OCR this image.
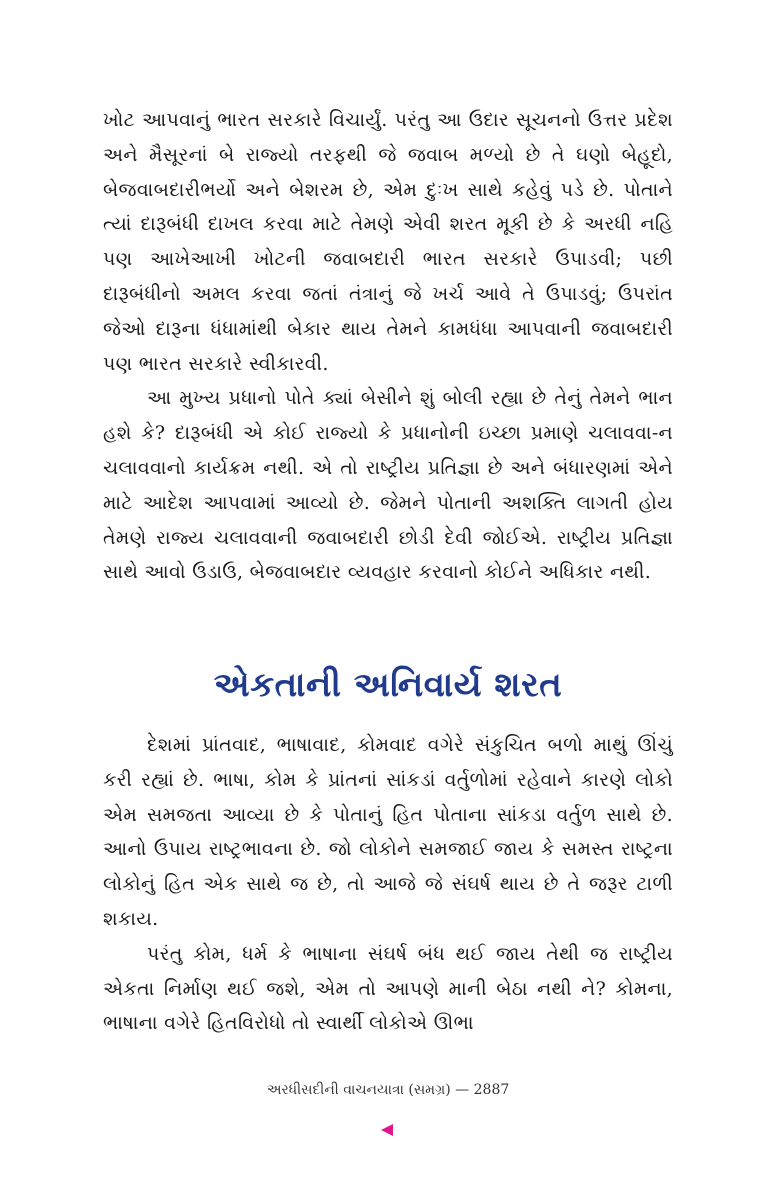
ખોટ આપવાનું ભારત સરકારે વિચાર્યું. પરંતુ આ ઉદાર સૂચનનો ઉત્તર પ્રદેશ અને મૈસૂરનાં બે રાજ્યો તરફથી જે જવાબ મળ્યો છે તે ઘણો બેહૂદો, બેજવાબદારીભર્યો અને બેશરમ છે, એમ દુઃખ સાથે કહેવું પડે છે. પોતાને ત્યાં દારૂબંધી દાખલ કરવા માટે તેમણે એવી શરત મૂકી છે કે અરધી નહિ પણ આખેઆખી ખોટની જવાબદારી ભારત સરકારે ઉપાડવી; પછી દારૂબંધીનો અમલ કરવા જતાં તંત્રાનું જે ખર્ચ આવે તે ઉપાડવું; ઉપરાંત જેઓ દારૂના ધંધામાંથી બેકાર થાય તેમને કામધંધા આપવાની જવાબદારી પણ ભારત સરકારે સ્વીકારવી.

આ મુખ્ય પ્રધાનો પોતે ક્યાં બેસીને શું બોલી રહ્યા છે તેનું તેમને ભાન હશે કે? દારૂબંધી એ કોઈ રાજ્યો કે પ્રધાનોની ઇચ્છા પ્રમાણે ચલાવવા-ન ચલાવવાનો કાર્યક્રમ નથી. એ તો રાષ્ટ્રીય પ્રતિજ્ઞા છે અને બંધારણમાં એને માટે આદેશ આપવામાં આવ્યો છે. જેમને પોતાની અશક્તિ લાગતી હોય તેમણે રાજ્ય ચલાવવાની જવાબદારી છોડી દેવી જોઈએ. રાષ્ટ્રીય પ્રતિજ્ઞા સાથે આવો ઉડાઉ, બેજવાબદાર વ્યવહાર કરવાનો કોઈને અધિકાર નથી.

એકતાની અનિવાર્ય શરત

દેશમાં પ્રાંતવાદ, ભાષાવાદ, કોમવાદ વગેરે સંકુચિત બળો માથું ઊંચું કરી રહ્યાં છે. ભાષા, કોમ કે પ્રાંતનાં સાંકડાં વર્તુળોમાં રહેવાને કારણે લોકો એમ સમજતા આવ્યા છે કે પોતાનું હિત પોતાના સાંકડા વર્તુળ સાથે છે. આનો ઉપાય રાષ્ટ્રભાવના છે. જો લોકોને સમજાઈ જાય કે સમસ્ત રાષ્ટ્રના લોકોનું હિત એક સાથે જ છે, તો આજે જે સંઘર્ષ થાય છે તે જરૂર ટાળી શકાય.

પરંતુ કોમ, ધર્મ કે ભાષાના સંઘર્ષ બંધ થઈ જાય તેથી જ રાષ્ટ્રીય એકતા નિર્માણ થઈ જશે, એમ તો આપણે માની બેઠા નથી ને? કોમના, ભાષાના વગેરે હિતવિરોધો તો સ્વાર્થી લોકોએ ઊભા

અરધીસદીની વાચનયાત્રા (સમગ્ર) — 2887
